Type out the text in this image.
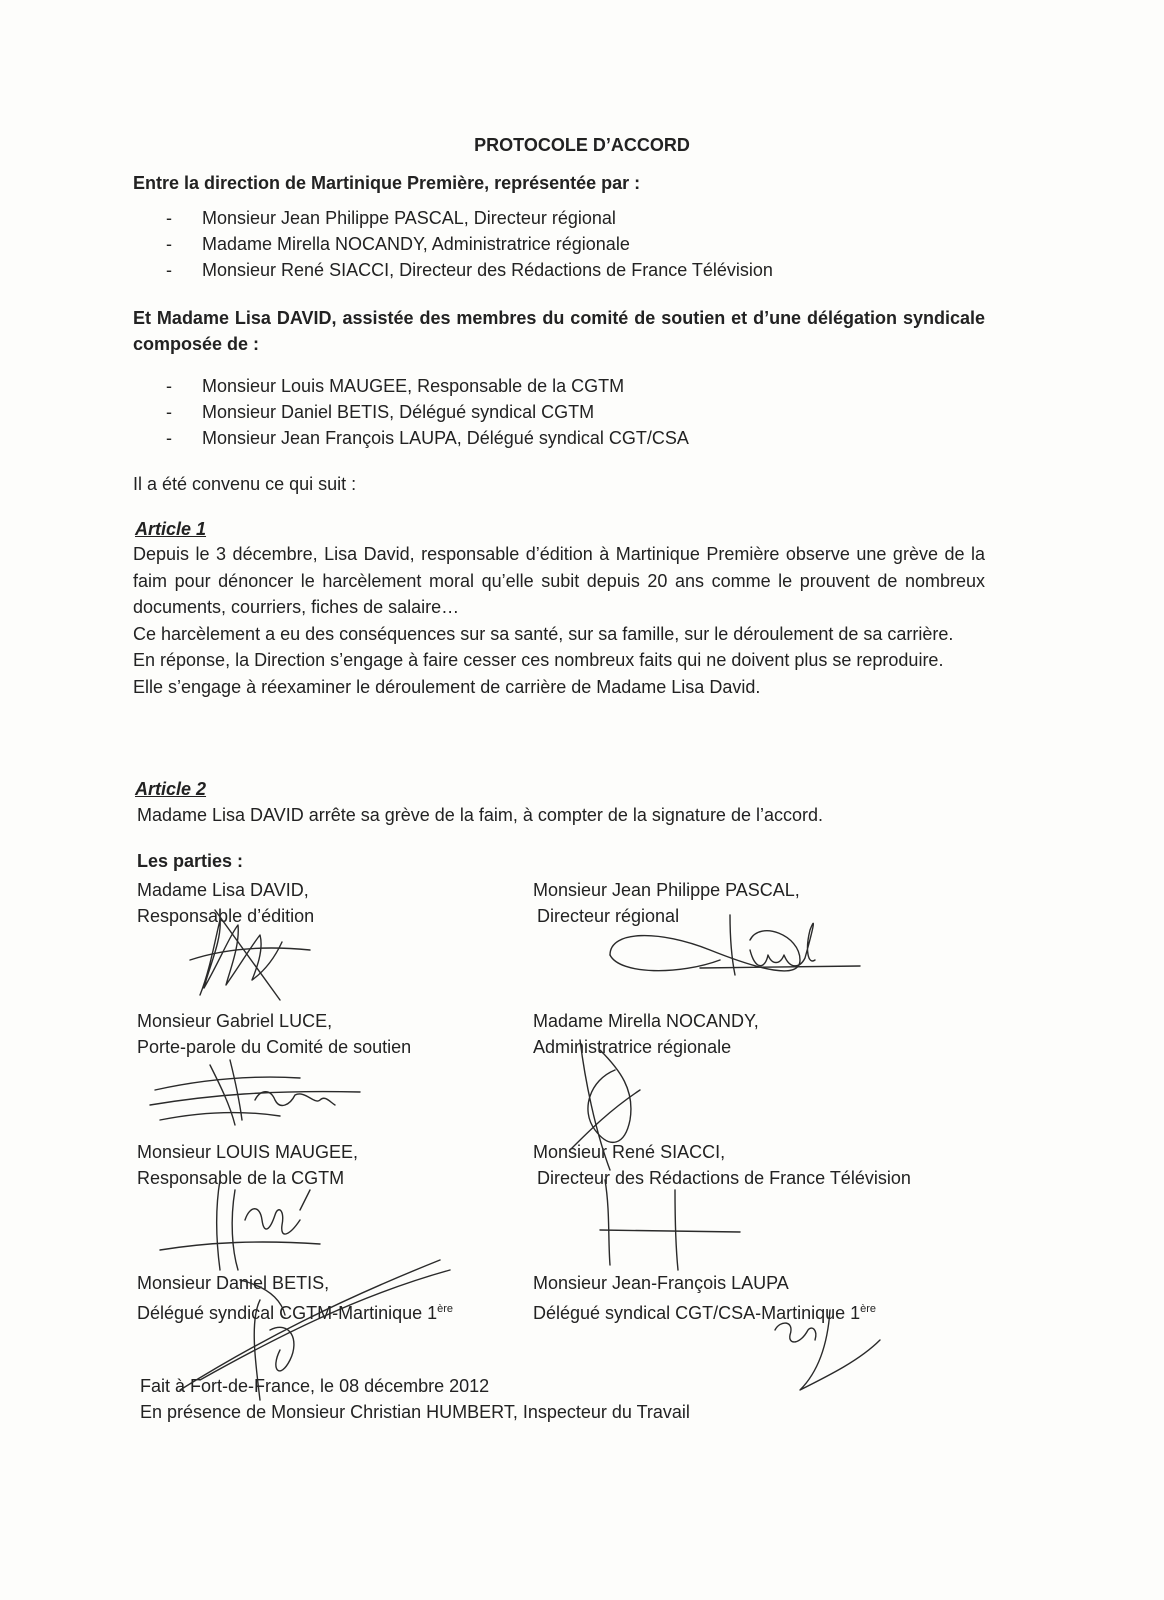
PROTOCOLE D’ACCORD
Entre la direction de Martinique Première, représentée par :
- Monsieur Jean Philippe PASCAL, Directeur régional
- Madame Mirella NOCANDY, Administratrice régionale
- Monsieur René SIACCI, Directeur des Rédactions de France Télévision
Et Madame Lisa DAVID, assistée des membres du comité de soutien et d’une délégation syndicale composée de :
- Monsieur Louis MAUGEE, Responsable de la CGTM
- Monsieur Daniel BETIS, Délégué syndical CGTM
- Monsieur Jean François LAUPA, Délégué syndical CGT/CSA
Il a été convenu ce qui suit :
Article 1
Depuis le 3 décembre, Lisa David, responsable d’édition à Martinique Première observe une grève de la faim pour dénoncer le harcèlement moral qu’elle subit depuis 20 ans comme le prouvent de nombreux documents, courriers, fiches de salaire…
Ce harcèlement a eu des conséquences sur sa santé, sur sa famille, sur le déroulement de sa carrière.
En réponse, la Direction s’engage à faire cesser ces nombreux faits qui ne doivent plus se reproduire.
Elle s’engage à réexaminer le déroulement de carrière de Madame Lisa David.
Article 2
Madame Lisa DAVID arrête sa grève de la faim, à compter de la signature de l’accord.
Les parties :
Madame Lisa DAVID,
Responsable d’édition
Monsieur Gabriel LUCE,
Porte-parole du Comité de soutien
Monsieur LOUIS MAUGEE,
Responsable de la CGTM
Monsieur Daniel BETIS,
Délégué syndical CGTM-Martinique 1ère
Monsieur Jean Philippe PASCAL,
Directeur régional
Madame Mirella NOCANDY,
Administratrice régionale
Monsieur René SIACCI,
Directeur des Rédactions de France Télévision
Monsieur Jean-François LAUPA
Délégué syndical CGT/CSA-Martinique 1ère
Fait à Fort-de-France, le 08 décembre 2012
En présence de Monsieur Christian HUMBERT, Inspecteur du Travail
